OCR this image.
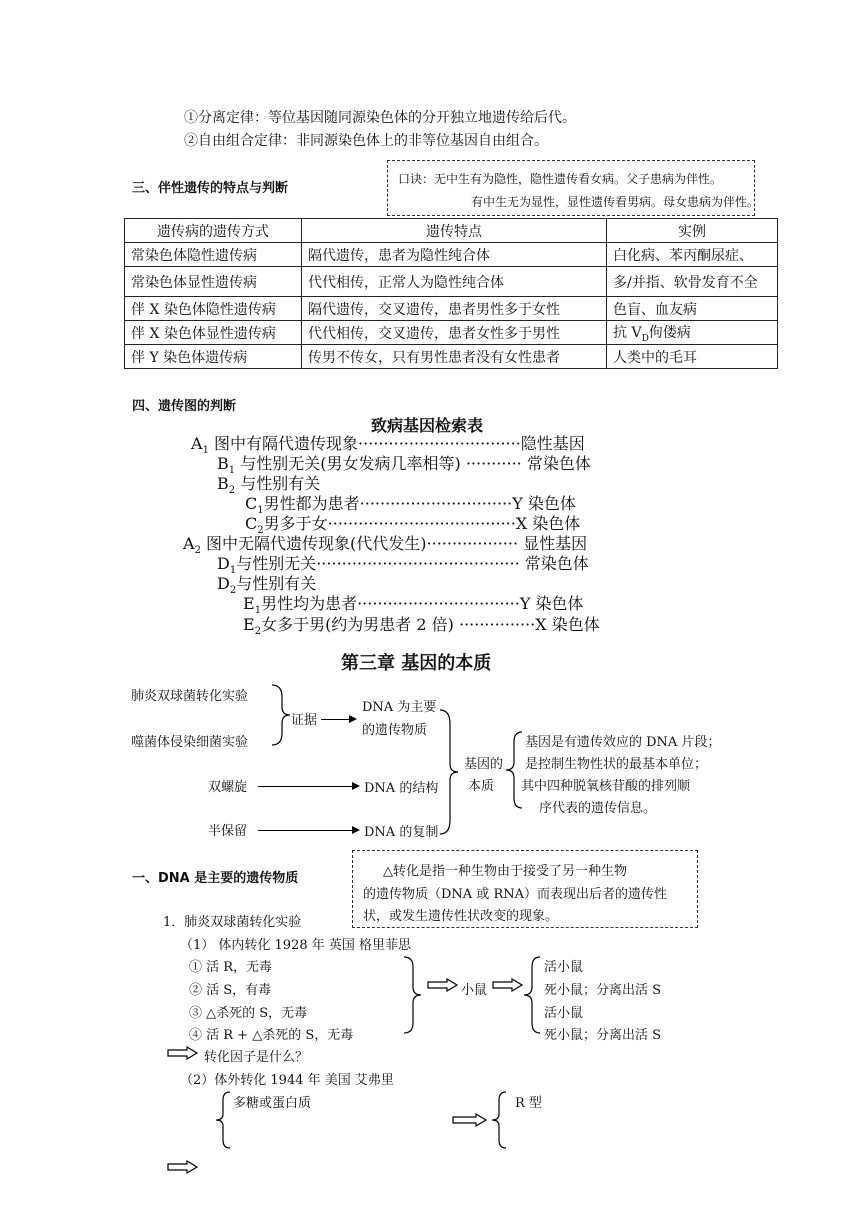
①分离定律：等位基因随同源染色体的分开独立地遗传给后代。
②自由组合定律：非同源染色体上的非等位基因自由组合。
三、伴性遗传的特点与判断
口诀：无中生有为隐性，隐性遗传看女病。父子患病为伴性。
有中生无为显性，显性遗传看男病。母女患病为伴性。
遗传病的遗传方式	遗传特点	实例
常染色体隐性遗传病	隔代遗传，患者为隐性纯合体	白化病、苯丙酮尿症、
常染色体显性遗传病	代代相传，正常人为隐性纯合体	多/并指、软骨发育不全
伴 X 染色体隐性遗传病	隔代遗传，交叉遗传，患者男性多于女性	色盲、血友病
伴 X 染色体显性遗传病	代代相传，交叉遗传，患者女性多于男性	抗 $V_D$佝偻病
伴 Y 染色体遗传病	传男不传女，只有男性患者没有女性患者	人类中的毛耳
四、遗传图的判断
致病基因检索表
$A_1$ 图中有隔代遗传现象································隐性基因
$B_1$ 与性别无关(男女发病几率相等) ··········· 常染色体
$B_2$ 与性别有关
$C_1$男性都为患者······························Y 染色体
$C_2$男多于女·····································X 染色体
$A_2$ 图中无隔代遗传现象(代代发生)·················· 显性基因
$D_1$与性别无关········································ 常染色体
$D_2$与性别有关
$E_1$男性均为患者································Y 染色体
$E_2$女多于男(约为男患者 2 倍) ···············X 染色体
第三章 基因的本质
肺炎双球菌转化实验
噬菌体侵染细菌实验
证据
DNA 为主要
的遗传物质
双螺旋	DNA 的结构
半保留	DNA 的复制
基因的
本质
基因是有遗传效应的 DNA 片段；
是控制生物性状的最基本单位；
其中四种脱氧核苷酸的排列顺
序代表的遗传信息。
一、DNA 是主要的遗传物质	△转化是指一种生物由于接受了另一种生物
的遗传物质（DNA 或 RNA）而表现出后者的遗传性
状，或发生遗传性状改变的现象。
1．肺炎双球菌转化实验
（1） 体内转化 1928 年 英国 格里菲思
① 活 R，无毒
② 活 S，有毒
③ △杀死的 S，无毒
④ 活 R + △杀死的 S，无毒
小鼠
活小鼠
死小鼠；分离出活 S
活小鼠
死小鼠；分离出活 S
转化因子是什么？
（2）体外转化 1944 年 美国 艾弗里
多糖或蛋白质	R 型
